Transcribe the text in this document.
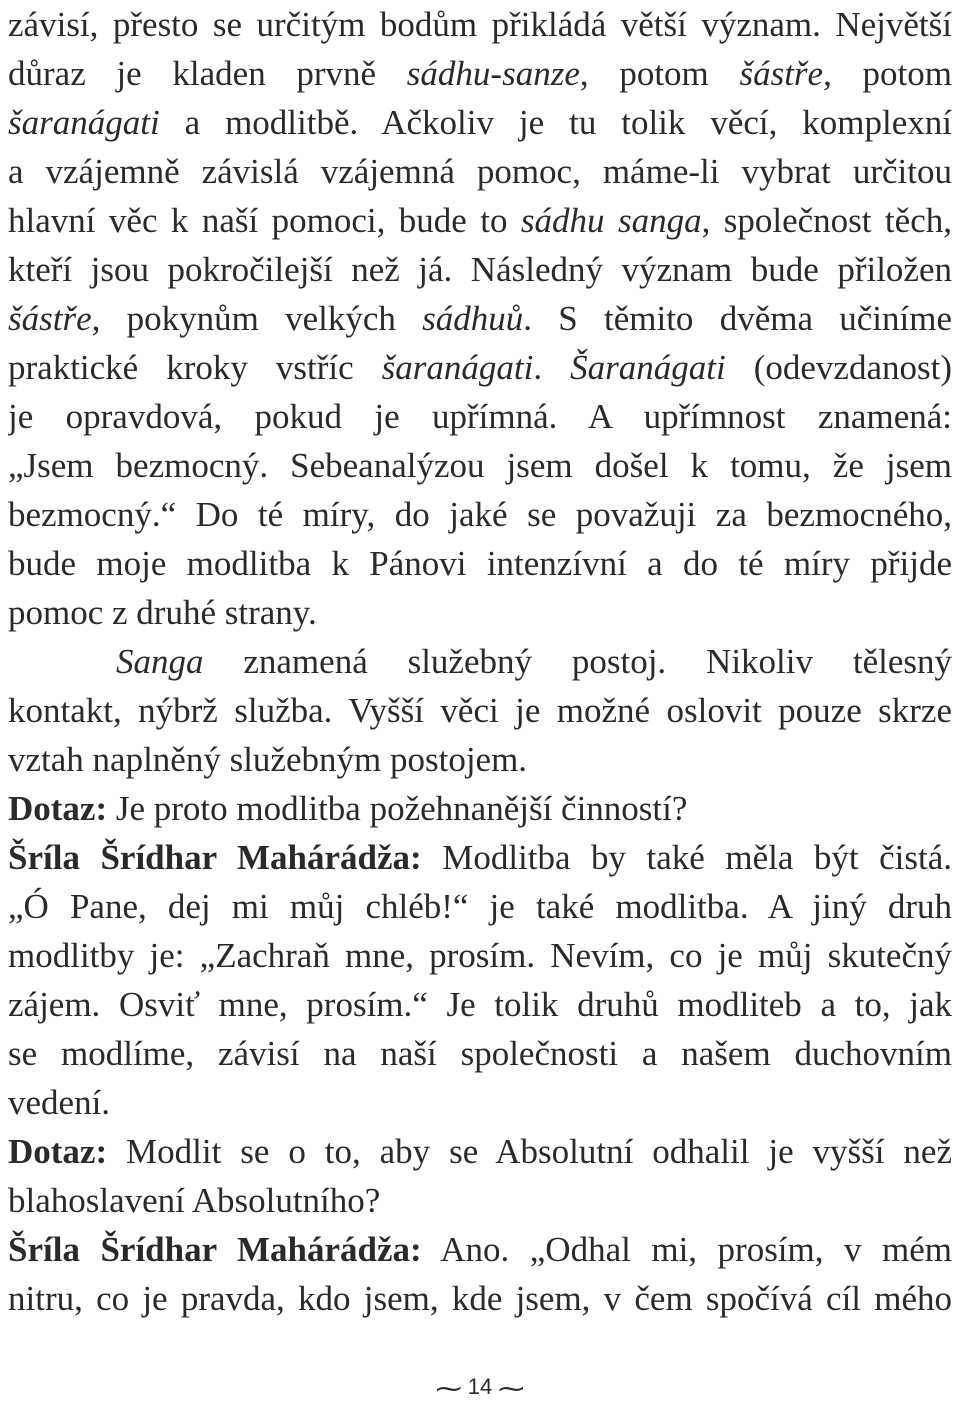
závisí, přesto se určitým bodům přikládá větší význam. Největší
důraz je kladen prvně sádhu-sanze, potom šástře, potom
šaranágati a modlitbě. Ačkoliv je tu tolik věcí, komplexní
a vzájemně závislá vzájemná pomoc, máme-li vybrat určitou
hlavní věc k naší pomoci, bude to sádhu sanga, společnost těch,
kteří jsou pokročilejší než já. Následný význam bude přiložen
šástře, pokynům velkých sádhuů. S těmito dvěma učiníme
praktické kroky vstříc šaranágati. Šaranágati (odevzdanost)
je opravdová, pokud je upřímná. A upřímnost znamená:
„Jsem bezmocný. Sebeanalýzou jsem došel k tomu, že jsem
bezmocný.“ Do té míry, do jaké se považuji za bezmocného,
bude moje modlitba k Pánovi intenzívní a do té míry přijde
pomoc z druhé strany.
Sanga znamená služebný postoj. Nikoliv tělesný
kontakt, nýbrž služba. Vyšší věci je možné oslovit pouze skrze
vztah naplněný služebným postojem.
Dotaz: Je proto modlitba požehnanější činností?
Šríla Šrídhar Mahárádža: Modlitba by také měla být čistá.
„Ó Pane, dej mi můj chléb!“ je také modlitba. A jiný druh
modlitby je: „Zachraň mne, prosím. Nevím, co je můj skutečný
zájem. Osviť mne, prosím.“ Je tolik druhů modliteb a to, jak
se modlíme, závisí na naší společnosti a našem duchovním
vedení.
Dotaz: Modlit se o to, aby se Absolutní odhalil je vyšší než
blahoslavení Absolutního?
Šríla Šrídhar Mahárádža: Ano. „Odhal mi, prosím, v mém
nitru, co je pravda, kdo jsem, kde jsem, v čem spočívá cíl mého
⁓ 14 ⁓
